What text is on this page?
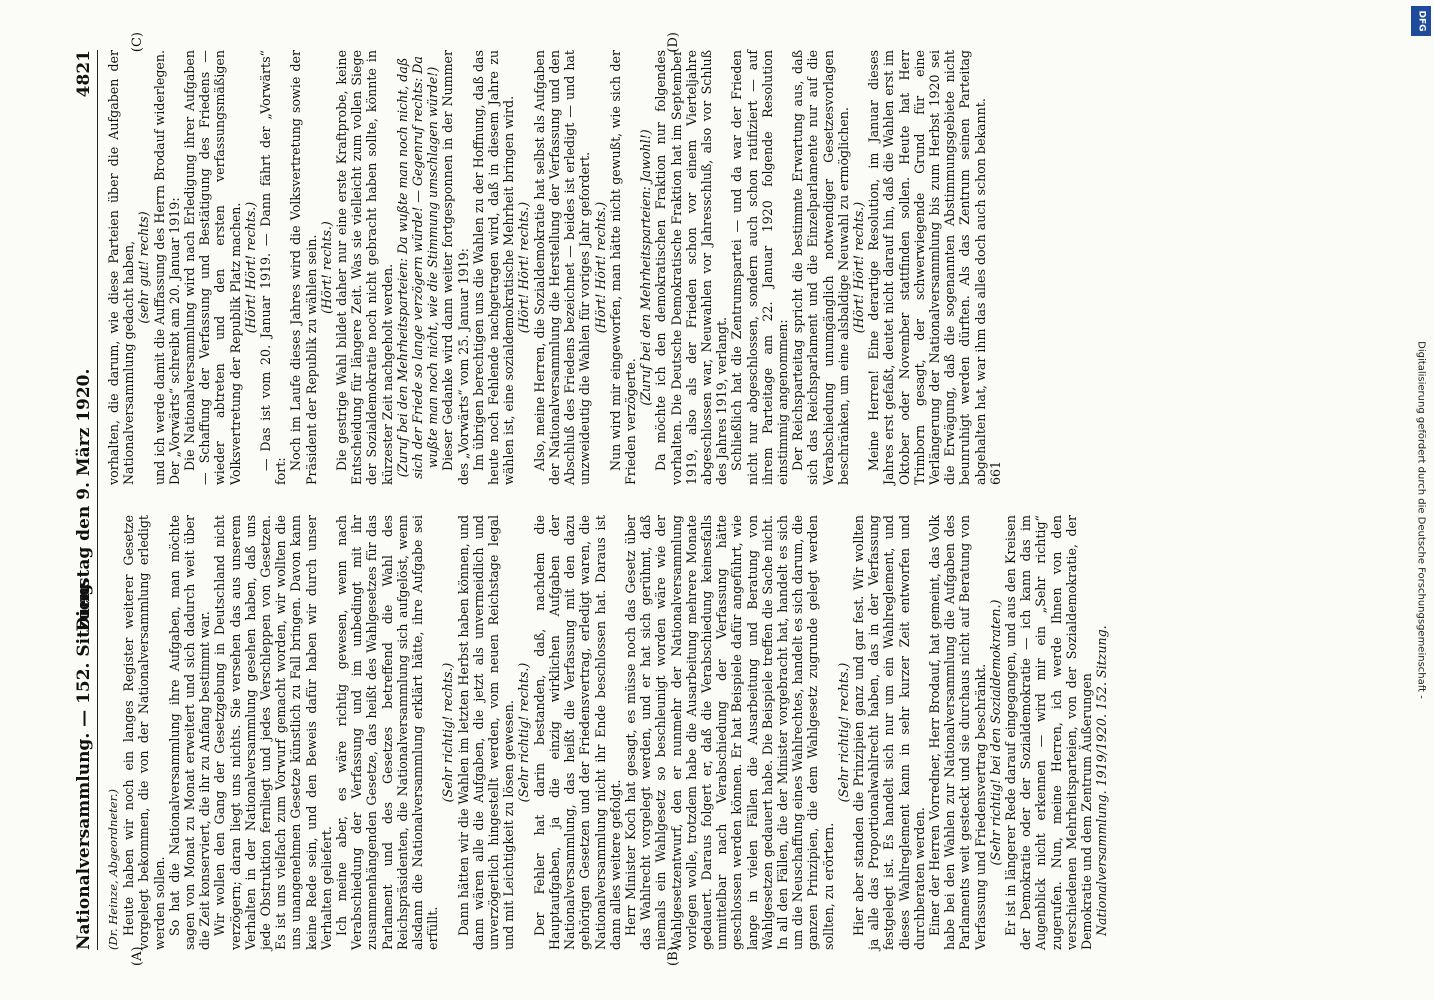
Nationalversammlung. — 152. Sitzung.
Dienstag den 9. März 1920.
4821
(A)	(B)

(Dr. Heinze, Abgeordneter.) Heute haben wir noch ein langes Register weiterer Gesetze vorgelegt bekommen, die von der Nationalversammlung erledigt werden sollen. So hat die Nationalversammlung ihre Aufgaben, man möchte sagen von Monat zu Monat erweitert und sich dadurch weit über die Zeit konserviert, die ihr zu Anfang bestimmt war. Wir wollen den Gang der Gesetzgebung in Deutschland nicht verzögern; daran liegt uns nichts. Sie versehen das aus unserem Verhalten in der Nationalversammlung gesehen haben, daß uns jede Obstruktion fernliegt und jedes Verschleppen von Gesetzen. Es ist uns vielfach zum Vorwurf gemacht worden, wir wollten die uns unangenehmen Gesetze künstlich zu Fall bringen. Davon kann keine Rede sein, und den Beweis dafür haben wir durch unser Verhalten geliefert. Ich meine aber, es wäre richtig gewesen, wenn nach Verabschiedung der Verfassung und im unbedingt mit ihr zusammenhängenden Gesetze, das heißt des Wahlgesetzes für das Parlament und des Gesetzes betreffend die Wahl des Reichspräsidenten, die Nationalversammlung sich aufgelöst, wenn alsdann die Nationalversammlung erklärt hätte, ihre Aufgabe sei erfüllt.

(Sehr richtig! rechts.) Dann hätten wir die Wahlen im letzten Herbst haben können, und dann wären alle die Aufgaben, die jetzt als unvermeidlich und unverzögerlich hingestellt werden, vom neuen Reichstage legal und mit Leichtigkeit zu lösen gewesen. (Sehr richtig! rechts.) Der Fehler hat darin bestanden, daß, nachdem die Hauptaufgaben, ja die einzig wirklichen Aufgaben der Nationalversammlung, das heißt die Verfassung mit den dazu gehörigen Gesetzen und der Friedensvertrag, erledigt waren, die Nationalversammlung nicht ihr Ende beschlossen hat. Daraus ist dann alles weitere gefolgt. Herr Minister Koch hat gesagt, es müsse noch das Gesetz über das Wahlrecht vorgelegt werden, und er hat sich gerühmt, daß niemals ein Wahlgesetz so beschleunigt worden wäre wie der Wahlgesetzentwurf, den er nunmehr der Nationalversammlung vorlegen wolle, trotzdem habe die Ausarbeitung mehrere Monate gedauert. Daraus folgert er, daß die Verabschiedung keinesfalls unmittelbar nach Verabschiedung der Verfassung hätte geschlossen werden können. Er hat Beispiele dafür angeführt, wie lange in vielen Fällen die Ausarbeitung und Beratung von Wahlgesetzen gedauert habe. Die Beispiele treffen die Sache nicht. In all den Fällen, die der Minister vorgebracht hat, handelt es sich um die Neuschaffung eines Wahlrechtes, handelt es sich darum, die ganzen Prinzipien, die dem Wahlgesetz zugrunde gelegt werden sollten, zu erörtern.

(Sehr richtig! rechts.) Hier aber standen die Prinzipien ganz und gar fest. Wir wollten ja alle das Proportionalwahlrecht haben, das in der Verfassung festgelegt ist. Es handelt sich nur um ein Wahlreglement, und dieses Wahlreglement kann in sehr kurzer Zeit entworfen und durchberaten werden. Einer der Herren Vorredner, Herr Brodauf, hat gemeint, das Volk habe bei den Wahlen zur Nationalversammlung die Aufgaben des Parlaments weit gesteckt und sie durchaus nicht auf Beratung von Verfassung und Friedensvertrag beschränkt. (Sehr richtig! bei den Sozialdemokraten.) Er ist in längerer Rede darauf eingegangen, und aus den Kreisen der Demokratie oder der Sozialdemokratie — ich kann das im Augenblick nicht erkennen — wird mir ein „Sehr richtig“ zugerufen. Nun, meine Herren, ich werde Ihnen von den verschiedenen Mehrheitsparteien, von der Sozialdemokratie, der Demokratie und dem Zentrum Äußerungen Nationalversammlung. 1919/1920. 152. Sitzung.

(C)	(D)

vorhalten, die darum, wie diese Parteien über die Aufgaben der Nationalversammlung gedacht haben, (sehr gut! rechts) und ich werde damit die Auffassung des Herrn Brodauf widerlegen. Der „Vorwärts“ schreibt am 20. Januar 1919: Die Nationalversammlung wird nach Erledigung ihrer Aufgaben — Schaffung der Verfassung und Bestätigung des Friedens — wieder abtreten und den ersten verfassungsmäßigen Volksvertretung der Republik Platz machen. (Hört! Hört! rechts.) — Das ist vom 20. Januar 1919. — Dann fährt der „Vorwärts“ fort:

Noch im Laufe dieses Jahres wird die Volksvertretung sowie der Präsident der Republik zu wählen sein. (Hört! rechts.) Die gestrige Wahl bildet daher nur eine erste Kraftprobe, keine Entscheidung für längere Zeit. Was sie vielleicht zum vollen Siege der Sozialdemokratie noch nicht gebracht haben sollte, könnte in kürzester Zeit nachgeholt werden. (Zuruf bei den Mehrheitsparteien: Da wußte man noch nicht, daß sich der Friede so lange verzögern würde! — Gegenruf rechts: Da wußte man noch nicht, wie die Stimmung umschlagen würde!) Dieser Gedanke wird dann weiter fortgesponnen in der Nummer des „Vorwärts“ vom 25. Januar 1919: Im übrigen berechtigen uns die Wahlen zu der Hoffnung, daß das heute noch Fehlende nachgetragen wird, daß in diesem Jahre zu wählen ist, eine sozialdemokratische Mehrheit bringen wird. (Hört! Hört! rechts.) Also, meine Herren, die Sozialdemokratie hat selbst als Aufgaben der Nationalversammlung die Herstellung der Verfassung und den Abschluß des Friedens bezeichnet — beides ist erledigt — und hat unzweideutig die Wahlen für voriges Jahr gefordert. (Hört! Hört! rechts.) Nun wird mir eingeworfen, man hätte nicht gewußt, wie sich der Frieden verzögerte.

(Zuruf bei den Mehrheitsparteien: Jawohl!) Da möchte ich den demokratischen Fraktion nur folgendes vorhalten. Die Deutsche Demokratische Fraktion hat im September 1919, also als der Frieden schon vor einem Vierteljahre abgeschlossen war, Neuwahlen vor Jahresschluß, also vor Schluß des Jahres 1919, verlangt. Schließlich hat die Zentrumspartei — und da war der Frieden nicht nur abgeschlossen, sondern auch schon ratifiziert — auf ihrem Parteitage am 22. Januar 1920 folgende Resolution einstimmig angenommen: Der Reichsparteitag spricht die bestimmte Erwartung aus, daß sich das Reichsparlament und die Einzelparlamente nur auf die Verabschiedung unumgänglich notwendiger Gesetzesvorlagen beschränken, um eine alsbaldige Neuwahl zu ermöglichen. (Hört! Hört! rechts.) Meine Herren! Eine derartige Resolution, im Januar dieses Jahres erst gefaßt, deutet nicht darauf hin, daß die Wahlen erst im Oktober oder November stattfinden sollen. Heute hat Herr Trimborn gesagt, der schwerwiegende Grund für eine Verlängerung der Nationalversammlung bis zum Herbst 1920 sei die Erwägung, daß die sogenannten Abstimmungsgebiete nicht beunruhigt werden dürften. Als das Zentrum seinen Parteitag abgehalten hat, war ihm das alles doch auch schon bekannt. 661

DFG
Digitalisierung gefördert durch die Deutsche Forschungsgemeinschaft -
